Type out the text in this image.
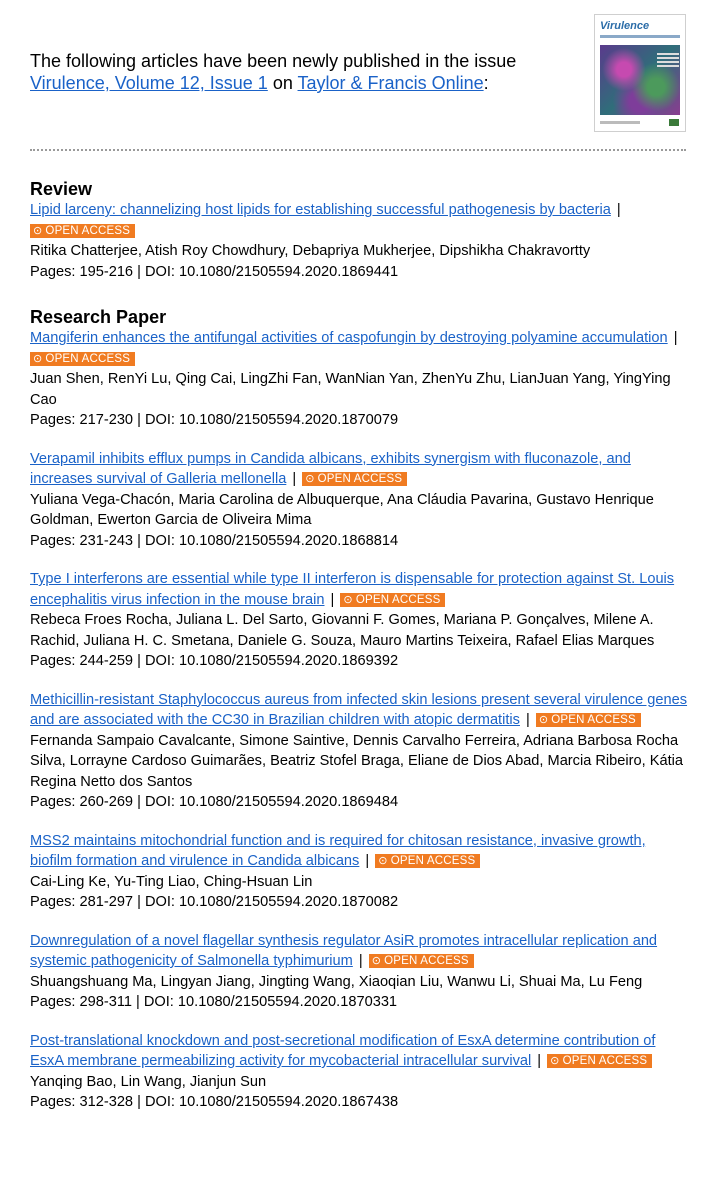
The following articles have been newly published in the issue
Virulence, Volume 12, Issue 1 on Taylor & Francis Online:
Virulence
Review
Lipid larceny: channelizing host lipids for establishing successful pathogenesis by bacteria | ⊙ OPEN ACCESS
Ritika Chatterjee, Atish Roy Chowdhury, Debapriya Mukherjee, Dipshikha Chakravortty
Pages: 195-216 | DOI: 10.1080/21505594.2020.1869441
Research Paper
Mangiferin enhances the antifungal activities of caspofungin by destroying polyamine accumulation | ⊙ OPEN ACCESS
Juan Shen, RenYi Lu, Qing Cai, LingZhi Fan, WanNian Yan, ZhenYu Zhu, LianJuan Yang, YingYing Cao
Pages: 217-230 | DOI: 10.1080/21505594.2020.1870079
Verapamil inhibits efflux pumps in Candida albicans, exhibits synergism with fluconazole, and increases survival of Galleria mellonella | ⊙ OPEN ACCESS
Yuliana Vega-Chacón, Maria Carolina de Albuquerque, Ana Cláudia Pavarina, Gustavo Henrique Goldman, Ewerton Garcia de Oliveira Mima
Pages: 231-243 | DOI: 10.1080/21505594.2020.1868814
Type I interferons are essential while type II interferon is dispensable for protection against St. Louis encephalitis virus infection in the mouse brain | ⊙ OPEN ACCESS
Rebeca Froes Rocha, Juliana L. Del Sarto, Giovanni F. Gomes, Mariana P. Gonçalves, Milene A. Rachid, Juliana H. C. Smetana, Daniele G. Souza, Mauro Martins Teixeira, Rafael Elias Marques
Pages: 244-259 | DOI: 10.1080/21505594.2020.1869392
Methicillin-resistant Staphylococcus aureus from infected skin lesions present several virulence genes and are associated with the CC30 in Brazilian children with atopic dermatitis | ⊙ OPEN ACCESS
Fernanda Sampaio Cavalcante, Simone Saintive, Dennis Carvalho Ferreira, Adriana Barbosa Rocha Silva, Lorrayne Cardoso Guimarães, Beatriz Stofel Braga, Eliane de Dios Abad, Marcia Ribeiro, Kátia Regina Netto dos Santos
Pages: 260-269 | DOI: 10.1080/21505594.2020.1869484
MSS2 maintains mitochondrial function and is required for chitosan resistance, invasive growth, biofilm formation and virulence in Candida albicans | ⊙ OPEN ACCESS
Cai-Ling Ke, Yu-Ting Liao, Ching-Hsuan Lin
Pages: 281-297 | DOI: 10.1080/21505594.2020.1870082
Downregulation of a novel flagellar synthesis regulator AsiR promotes intracellular replication and systemic pathogenicity of Salmonella typhimurium | ⊙ OPEN ACCESS
Shuangshuang Ma, Lingyan Jiang, Jingting Wang, Xiaoqian Liu, Wanwu Li, Shuai Ma, Lu Feng
Pages: 298-311 | DOI: 10.1080/21505594.2020.1870331
Post-translational knockdown and post-secretional modification of EsxA determine contribution of EsxA membrane permeabilizing activity for mycobacterial intracellular survival | ⊙ OPEN ACCESS
Yanqing Bao, Lin Wang, Jianjun Sun
Pages: 312-328 | DOI: 10.1080/21505594.2020.1867438
